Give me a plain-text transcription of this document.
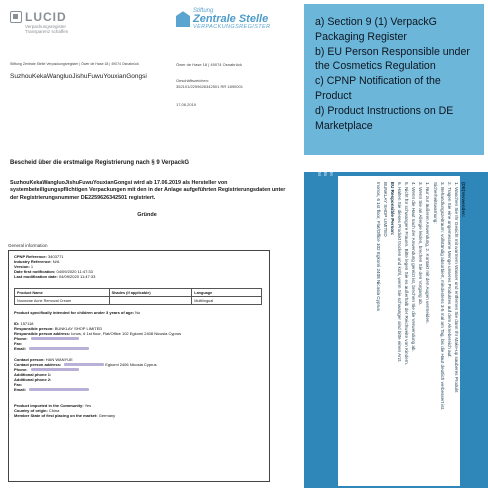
LUCID
Verpackungsregister
Transparenz schaffen
Stiftung
Zentrale Stelle
VERPACKUNGSREGISTER
Stiftung Zentrale Stelle Verpackungsregister | Öwer de Hase 18 | 49074 Osnabrück
SuzhouKekaWangluoJishuFuwuYouxianGongsi
Öwer de Hase 18 | 49074 Osnabrück
Geschäftszeichen:
352101/2259626342501 RR 1890001
17.06.2019
Bescheid über die erstmalige Registrierung nach § 9 VerpackG
SuzhouKekaWangluoJishuFuwuYouxianGongsi wird ab 17.06.2019 als Hersteller von systembeteiligungspflichtigen Verpackungen mit den in der Anlage aufgeführten Registrierungsdaten unter der Registrierungsnummer DE2259626342501 registriert.
Gründe
General information
CPNP Reference: 3403771
Industry Reference: N/A
Version: 1
Date first notification: 04/09/2020 11:47:33
Last modification date: 04/09/2020 11:47:33
Product Name	Shades (if applicable)	Language
Nuonuwe Acne Removal Cream		Multilingual
Product specifically intended for children under 3 years of age: No
ID: 157118
Responsible person: BUNKLAY SHOP LIMITED
Responsible person address: Ionos, 6 1st floor, Flat/Office 102 Egkomi 2408 Nicosia Cyprus
Phone:
Fax:
Email:
Contact person: HAN WANYUE
Contact person address:	Egkomi 2406 Nicosia Cyprus
Phone:
Additional phone 1:
Additional phone 2:
Fax:
Email:
Product imported in the Community: Yes
Country of origin: China
Member State of first placing on the market: Germany

a) Section 9 (1) VerpackG Packaging Register

b) EU Person Responsible under the Cosmetics Regulation

c) CPNP Notification of the Product

d) Product Instructions on DE Marketplace

(DE)Verwenden:
1. Waschen Sie Ihr Gesicht mit warmem Wasser und entfernen Sie dann Ihr Make-up sauberes Produkt
2. Tragen Sie eine angemessene Menge unseres Produktes auf dem Aknebereich auf.
3. Behandlungszeitraum: vollständig absorbiert, mindestens 3-5 mal am Tag, bis die Haut deutlich verbessert ist.
Sicherheitswarnung:
1. Nur zur äußeren Anwendung, 2. Kontakt mit den Augen vermeiden.
3. Wenn Sie an Allergie leiden, brechen Sie den Vorgang ab.
4. Wenn die Haut nach der Anwendung gereizt ist, brechen Sie die Verwendung ab.
5. Nicht für schwangere Frauen. Bitte legen Sie es außerhalb der Reichweite von Kindern.
6. Halten Sie dieses Produkt trocken und kühl, wenn Sie schwanger sind bitte einen Arzt.
EU Responsible Person:
BUNKLAY SHOP LIMITED
Inonos, 6 1st floor, Flat/Office 102 Egkomi 2408 Nicosia Cyprus
